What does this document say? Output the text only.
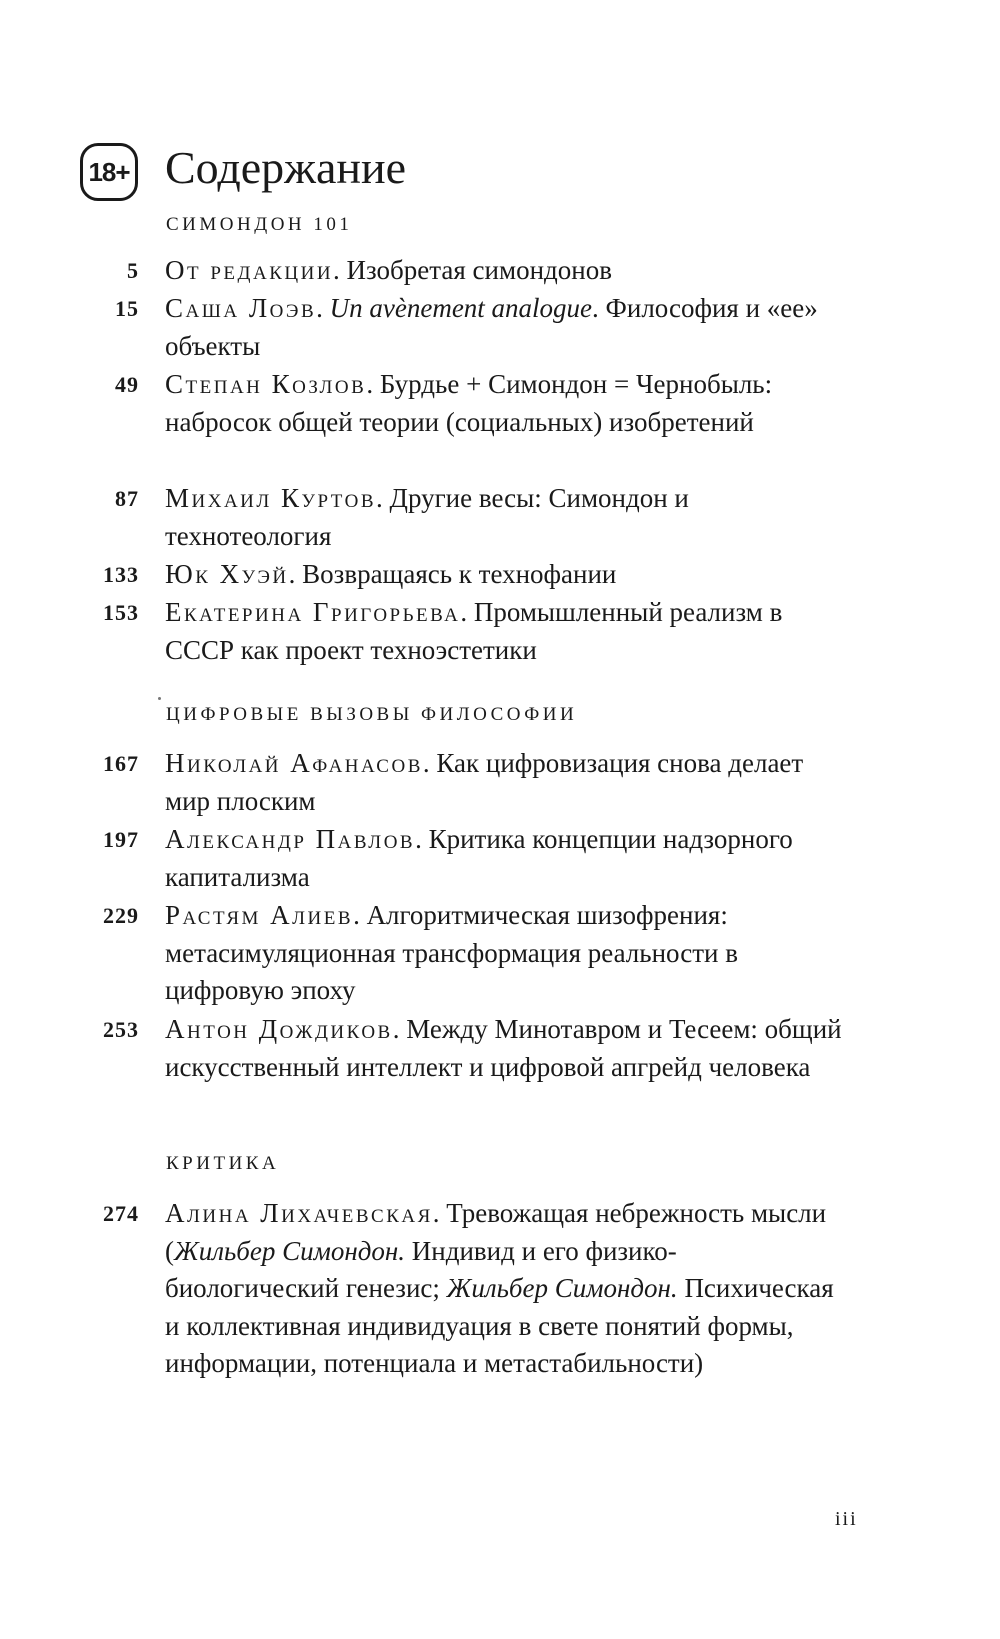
18+ Содержание
СИМОНДОН 101
5 От редакции. Изобретая симондонов
15 Саша Лоэв. Un avènement analogue. Философия и «ее» объекты
49 Степан Козлов. Бурдье + Симондон = Чернобыль: набросок общей теории (социальных) изобретений
87 Михаил Куртов. Другие весы: Симондон и технотеология
133 Юк Хуэй. Возвращаясь к технофании
153 Екатерина Григорьева. Промышленный реализм в СССР как проект техноэстетики
ЦИФРОВЫЕ ВЫЗОВЫ ФИЛОСОФИИ
167 Николай Афанасов. Как цифровизация снова делает мир плоским
197 Александр Павлов. Критика концепции надзорного капитализма
229 Растям Алиев. Алгоритмическая шизофрения: метасимуляционная трансформация реальности в цифровую эпоху
253 Антон Дождиков. Между Минотавром и Тесеем: общий искусственный интеллект и цифровой апгрейд человека
КРИТИКА
274 Алина Лихачевская. Тревожащая небрежность мысли (Жильбер Симондон. Индивид и его физико-биологический генезис; Жильбер Симондон. Психическая и коллективная индивидуация в свете понятий формы, информации, потенциала и метастабильности)
iii
